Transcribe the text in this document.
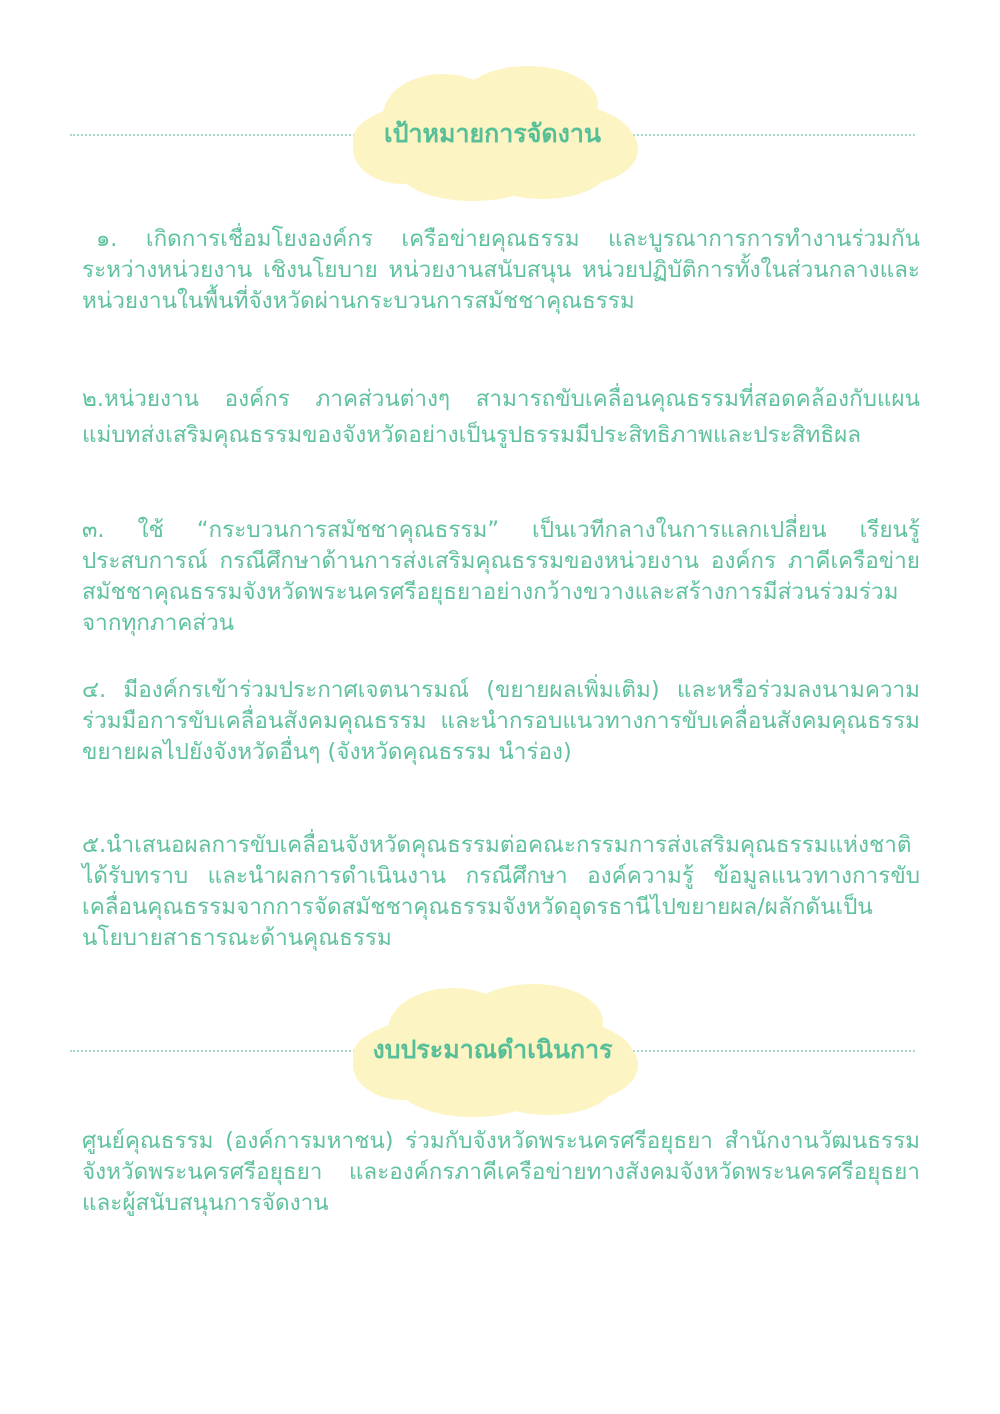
เป้าหมายการจัดงาน

๑. เกิดการเชื่อมโยงองค์กร เครือข่ายคุณธรรม และบูรณาการการทำงานร่วมกันระหว่างหน่วยงาน เชิงนโยบาย หน่วยงานสนับสนุน หน่วยปฏิบัติการทั้งในส่วนกลางและหน่วยงานในพื้นที่จังหวัดผ่านกระบวนการสมัชชาคุณธรรม

๒.หน่วยงาน องค์กร ภาคส่วนต่างๆ สามารถขับเคลื่อนคุณธรรมที่สอดคล้องกับแผนแม่บทส่งเสริมคุณธรรมของจังหวัดอย่างเป็นรูปธรรมมีประสิทธิภาพและประสิทธิผล

๓. ใช้ “กระบวนการสมัชชาคุณธรรม” เป็นเวทีกลางในการแลกเปลี่ยน เรียนรู้ ประสบการณ์ กรณีศึกษาด้านการส่งเสริมคุณธรรมของหน่วยงาน องค์กร ภาคีเครือข่ายสมัชชาคุณธรรมจังหวัดพระนครศรีอยุธยาอย่างกว้างขวางและสร้างการมีส่วนร่วมร่วมจากทุกภาคส่วน

๔. มีองค์กรเข้าร่วมประกาศเจตนารมณ์ (ขยายผลเพิ่มเติม) และหรือร่วมลงนามความร่วมมือการขับเคลื่อนสังคมคุณธรรม และนำกรอบแนวทางการขับเคลื่อนสังคมคุณธรรมขยายผลไปยังจังหวัดอื่นๆ (จังหวัดคุณธรรม นำร่อง)

๕.นำเสนอผลการขับเคลื่อนจังหวัดคุณธรรมต่อคณะกรรมการส่งเสริมคุณธรรมแห่งชาติ ได้รับทราบ และนำผลการดำเนินงาน กรณีศึกษา องค์ความรู้ ข้อมูลแนวทางการขับเคลื่อนคุณธรรมจากการจัดสมัชชาคุณธรรมจังหวัดอุดรธานีไปขยายผล/ผลักดันเป็นนโยบายสาธารณะด้านคุณธรรม

งบประมาณดำเนินการ

ศูนย์คุณธรรม (องค์การมหาชน) ร่วมกับจังหวัดพระนครศรีอยุธยา สำนักงานวัฒนธรรมจังหวัดพระนครศรีอยุธยา และองค์กรภาคีเครือข่ายทางสังคมจังหวัดพระนครศรีอยุธยา และผู้สนับสนุนการจัดงาน
